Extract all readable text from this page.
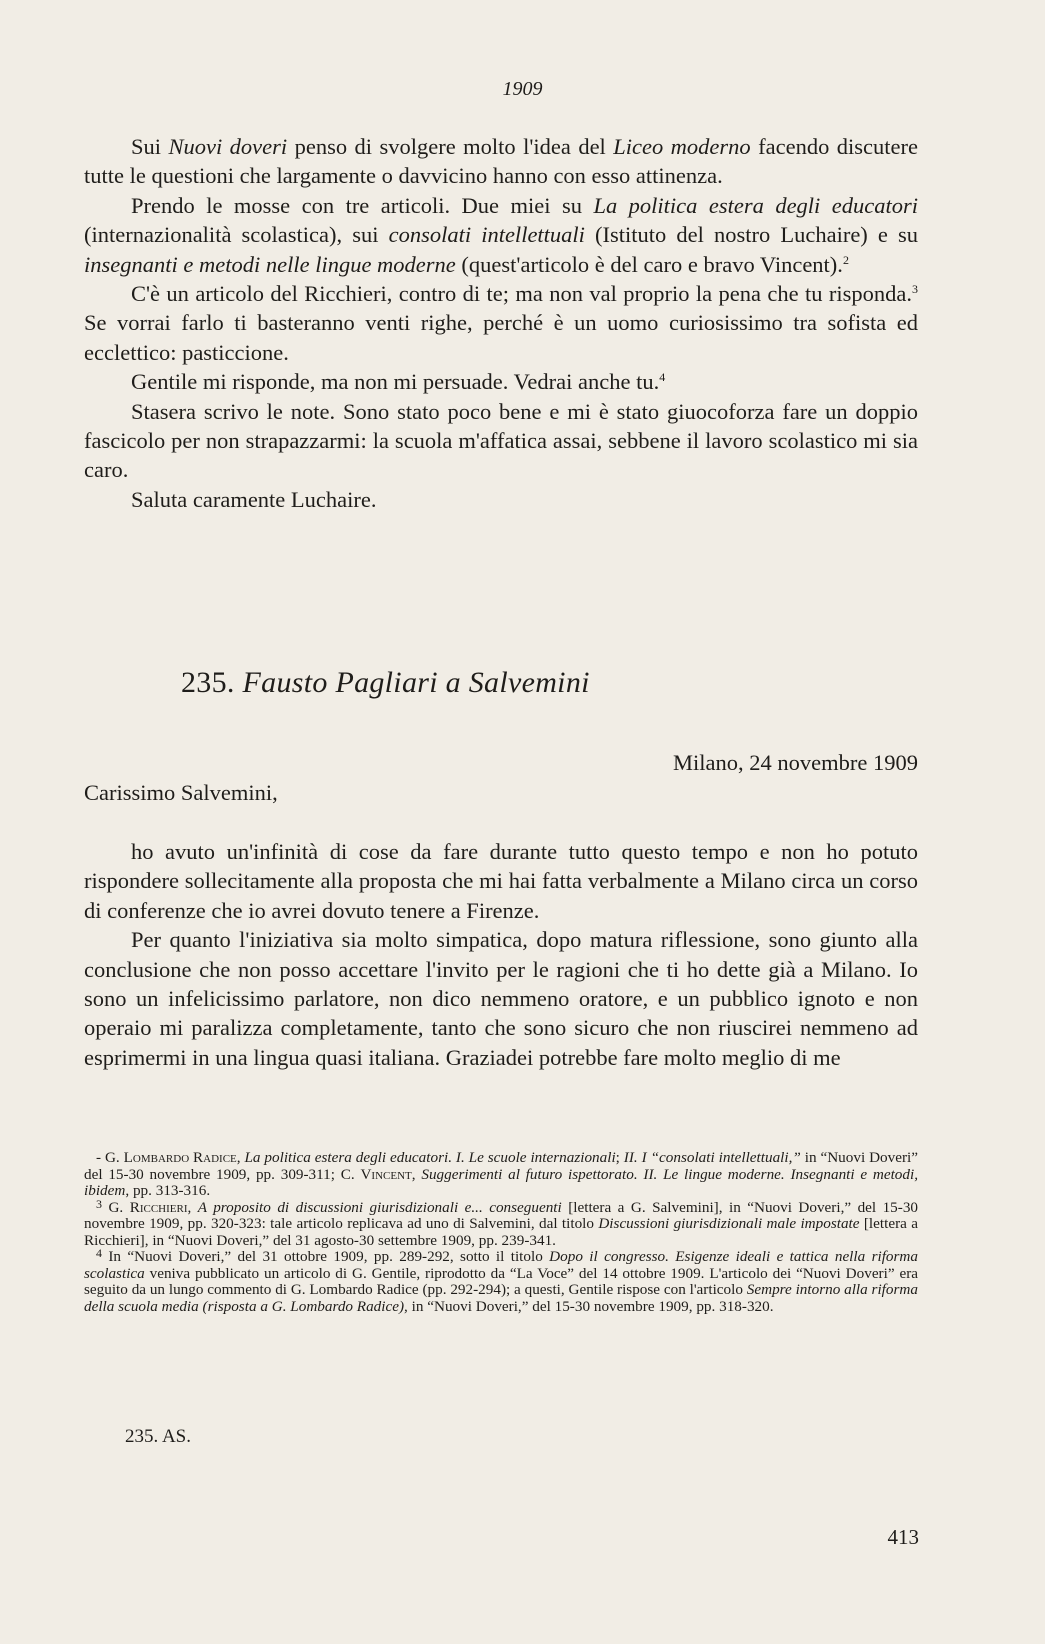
1909

Sui Nuovi doveri penso di svolgere molto l'idea del Liceo moderno facendo discutere tutte le questioni che largamente o davvicino hanno con esso attinenza.

Prendo le mosse con tre articoli. Due miei su La politica estera degli educatori (internazionalità scolastica), sui consolati intellettuali (Istituto del nostro Luchaire) e su insegnanti e metodi nelle lingue moderne (quest'articolo è del caro e bravo Vincent).$^2$

C'è un articolo del Ricchieri, contro di te; ma non val proprio la pena che tu risponda.$^3$ Se vorrai farlo ti basteranno venti righe, perché è un uomo curiosissimo tra sofista ed ecclettico: pasticcione.

Gentile mi risponde, ma non mi persuade. Vedrai anche tu.$^4$

Stasera scrivo le note. Sono stato poco bene e mi è stato giuocoforza fare un doppio fascicolo per non strapazzarmi: la scuola m'affatica assai, sebbene il lavoro scolastico mi sia caro.

Saluta caramente Luchaire.

235. Fausto Pagliari a Salvemini
Milano, 24 novembre 1909
Carissimo Salvemini,

ho avuto un'infinità di cose da fare durante tutto questo tempo e non ho potuto rispondere sollecitamente alla proposta che mi hai fatta verbalmente a Milano circa un corso di conferenze che io avrei dovuto tenere a Firenze.

Per quanto l'iniziativa sia molto simpatica, dopo matura riflessione, sono giunto alla conclusione che non posso accettare l'invito per le ragioni che ti ho dette già a Milano. Io sono un infelicissimo parlatore, non dico nemmeno oratore, e un pubblico ignoto e non operaio mi paralizza completamente, tanto che sono sicuro che non riuscirei nemmeno ad esprimermi in una lingua quasi italiana. Graziadei potrebbe fare molto meglio di me

- G. Lombardo Radice, La politica estera degli educatori. I. Le scuole internazionali; II. I “consolati intellettuali,” in “Nuovi Doveri” del 15-30 novembre 1909, pp. 309-311; C. Vincent, Suggerimenti al futuro ispettorato. II. Le lingue moderne. Insegnanti e metodi, ibidem, pp. 313-316.

$^3$ G. Ricchieri, A proposito di discussioni giurisdizionali e... conseguenti [lettera a G. Salvemini], in “Nuovi Doveri,” del 15-30 novembre 1909, pp. 320-323: tale articolo replicava ad uno di Salvemini, dal titolo Discussioni giurisdizionali male impostate [lettera a Ricchieri], in “Nuovi Doveri,” del 31 agosto-30 settembre 1909, pp. 239-341.

$^4$ In “Nuovi Doveri,” del 31 ottobre 1909, pp. 289-292, sotto il titolo Dopo il congresso. Esigenze ideali e tattica nella riforma scolastica veniva pubblicato un articolo di G. Gentile, riprodotto da “La Voce” del 14 ottobre 1909. L'articolo dei “Nuovi Doveri” era seguito da un lungo commento di G. Lombardo Radice (pp. 292-294); a questi, Gentile rispose con l'articolo Sempre intorno alla riforma della scuola media (risposta a G. Lombardo Radice), in “Nuovi Doveri,” del 15-30 novembre 1909, pp. 318-320.

235. AS.
413
